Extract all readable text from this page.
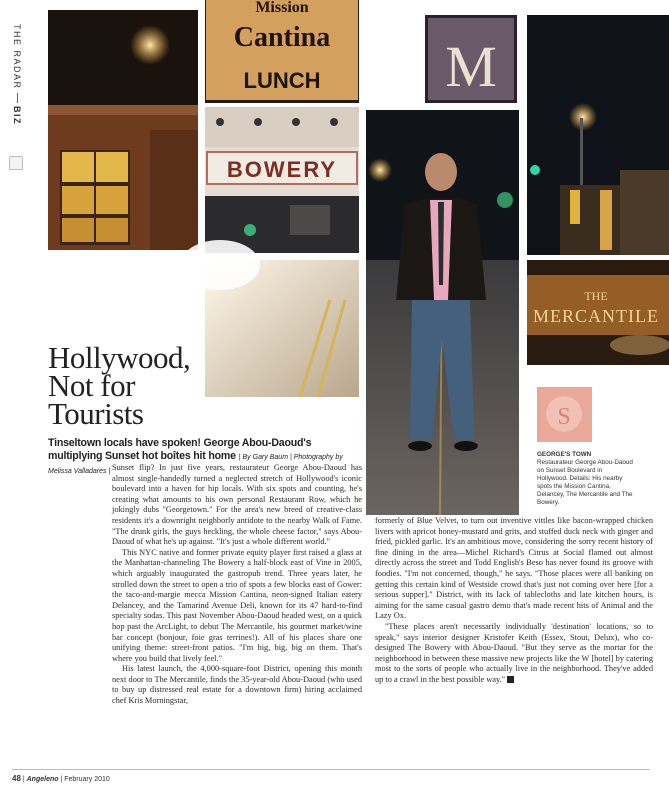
THE RADAR
BIZ
Mission
Cantina
LUNCH
BOWERY
M
THE
MERCANTILE
S
Hollywood,
Not for
Tourists
Tinseltown locals have spoken! George Abou-Daoud's multiplying Sunset hot boîtes hit home | By Gary Baum | Photography by Melissa Valladares |
GEORGE'S TOWN
Restaurateur George Abou-Daoud on Sunset Boulevard in Hollywood. Details: His nearby spots the Mission Cantina, Delancey, The Mercantile and The Bowery.

Sunset flip? In just five years, restaurateur George Abou-Daoud has almost single-handedly turned a neglected stretch of Hollywood's iconic boulevard into a haven for hip locals. With six spots and counting, he's creating what amounts to his own personal Restaurant Row, which he jokingly dubs "Georgetown." For the area's new breed of creative-class residents it's a downright neighborly antidote to the nearby Walk of Fame. "The drunk girls, the guys heckling, the whole cheese factor," says Abou-Daoud of what he's up against. "It's just a whole different world."

This NYC native and former private equity player first raised a glass at the Manhattan-channeling The Bowery a half-block east of Vine in 2005, which arguably inaugurated the gastropub trend. Three years later, he strolled down the street to open a trio of spots a few blocks east of Gower: the taco-and-margie mecca Mission Cantina, neon-signed Italian eatery Delancey, and the Tamarind Avenue Deli, known for its 47 hard-to-find specialty sodas. This past November Abou-Daoud headed west, on a quick hop past the ArcLight, to debut The Mercantile, his gourmet market/wine bar concept (bonjour, foie gras terrines!). All of his places share one unifying theme: street-front patios. "I'm big, big, big on them. That's where you build that lively feel."

His latest launch, the 4,000-square-foot District, opening this month next door to The Mercantile, finds the 35-year-old Abou-Daoud (who used to buy up distressed real estate for a downtown firm) hiring acclaimed chef Kris Morningstar,

formerly of Blue Velvet, to turn out inventive vittles like bacon-wrapped chicken livers with apricot honey-mustard and grits, and stuffed duck neck with ginger and fried, pickled garlic. It's an ambitious move, considering the sorry recent history of fine dining in the area—Michel Richard's Citrus at Social flamed out almost directly across the street and Todd English's Beso has never found its groove with foodies. "I'm not concerned, though," he says. "Those places were all banking on getting this certain kind of Westside crowd that's just not coming over here [for a serious supper]." District, with its lack of tablecloths and late kitchen hours, is aiming for the same casual gastro demo that's made recent hits of Animal and the Lazy Ox.

"These places aren't necessarily individually 'destination' locations, so to speak," says interior designer Kristofer Keith (Essex, Stout, Delux), who co-designed The Bowery with Abou-Daoud. "But they serve as the mortar for the neighborhood in between these massive new projects like the W [hotel] by catering most to the sorts of people who actually live in the neighborhood. They've added up to a crawl in the best possible way."

48 | Angeleno | February 2010
